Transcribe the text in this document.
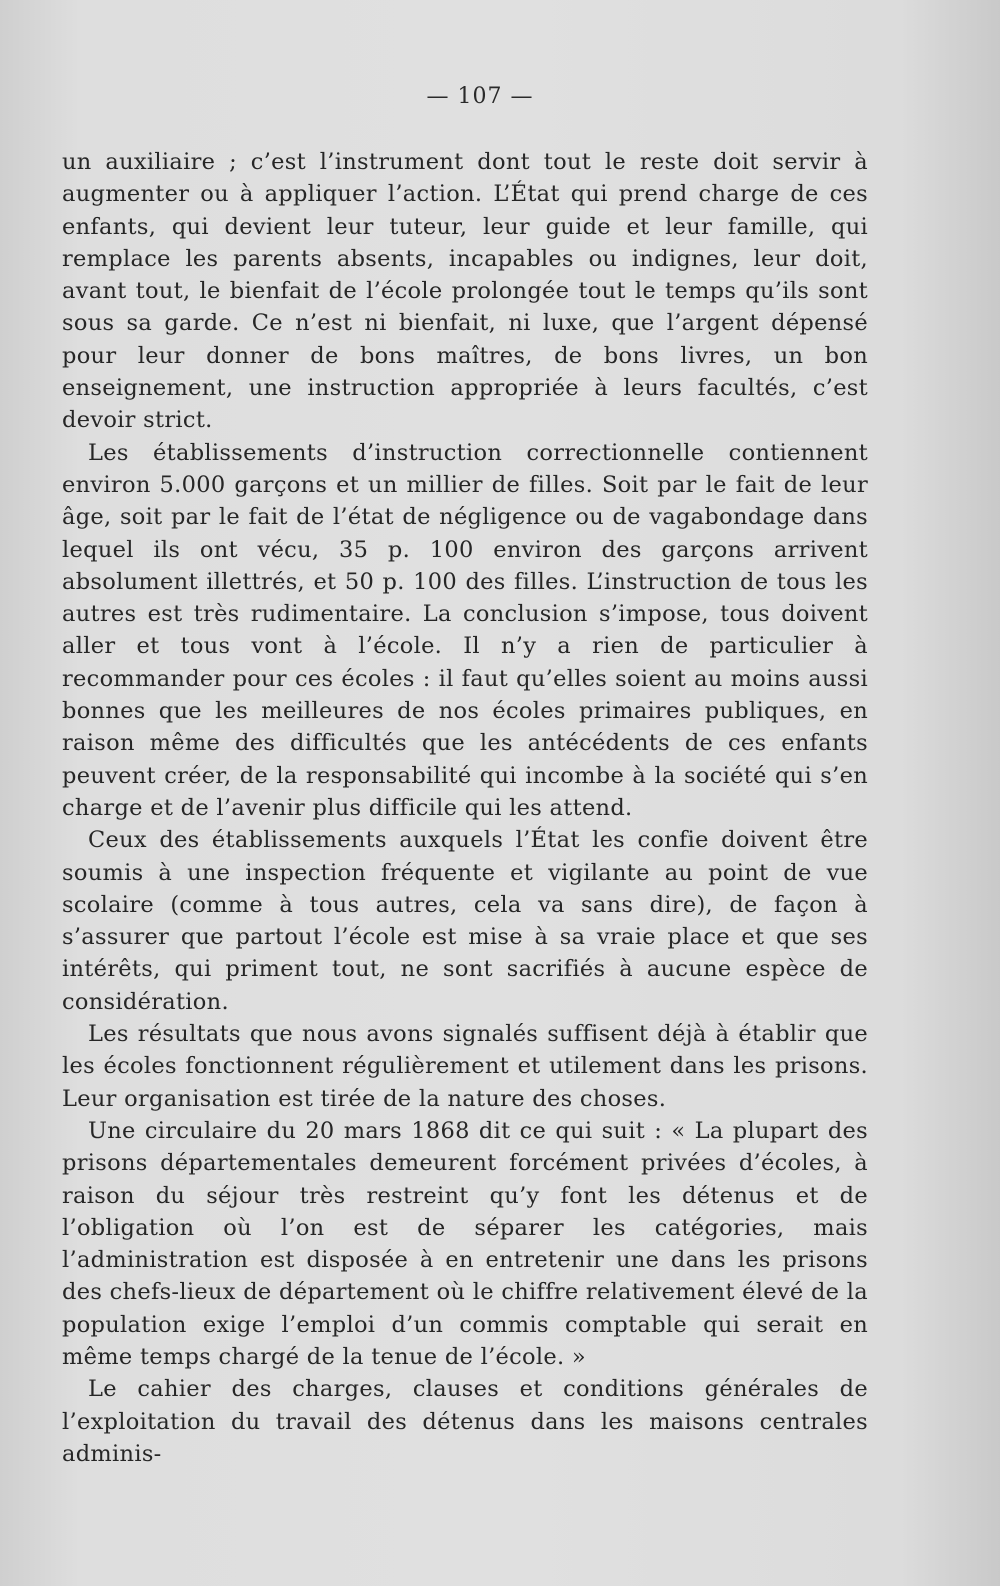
— 107 —

un auxiliaire ; c’est l’instrument dont tout le reste doit servir à augmenter ou à appliquer l’action. L’État qui prend charge de ces enfants, qui devient leur tuteur, leur guide et leur famille, qui remplace les parents absents, incapables ou indignes, leur doit, avant tout, le bienfait de l’école prolongée tout le temps qu’ils sont sous sa garde. Ce n’est ni bienfait, ni luxe, que l’argent dépensé pour leur donner de bons maîtres, de bons livres, un bon enseignement, une instruction appropriée à leurs facultés, c’est devoir strict.

Les établissements d’instruction correctionnelle contiennent environ 5.000 garçons et un millier de filles. Soit par le fait de leur âge, soit par le fait de l’état de négligence ou de vagabondage dans lequel ils ont vécu, 35 p. 100 environ des garçons arrivent absolument illettrés, et 50 p. 100 des filles. L’instruction de tous les autres est très rudimentaire. La conclusion s’impose, tous doivent aller et tous vont à l’école. Il n’y a rien de particulier à recommander pour ces écoles : il faut qu’elles soient au moins aussi bonnes que les meilleures de nos écoles primaires publiques, en raison même des difficultés que les antécédents de ces enfants peuvent créer, de la responsabilité qui incombe à la société qui s’en charge et de l’avenir plus difficile qui les attend.

Ceux des établissements auxquels l’État les confie doivent être soumis à une inspection fréquente et vigilante au point de vue scolaire (comme à tous autres, cela va sans dire), de façon à s’assurer que partout l’école est mise à sa vraie place et que ses intérêts, qui priment tout, ne sont sacrifiés à aucune espèce de considération.

Les résultats que nous avons signalés suffisent déjà à établir que les écoles fonctionnent régulièrement et utilement dans les prisons. Leur organisation est tirée de la nature des choses.

Une circulaire du 20 mars 1868 dit ce qui suit : « La plupart des prisons départementales demeurent forcément privées d’écoles, à raison du séjour très restreint qu’y font les détenus et de l’obligation où l’on est de séparer les catégories, mais l’administration est disposée à en entretenir une dans les prisons des chefs-lieux de département où le chiffre relativement élevé de la population exige l’emploi d’un commis comptable qui serait en même temps chargé de la tenue de l’école. »

Le cahier des charges, clauses et conditions générales de l’exploitation du travail des détenus dans les maisons centrales adminis-
